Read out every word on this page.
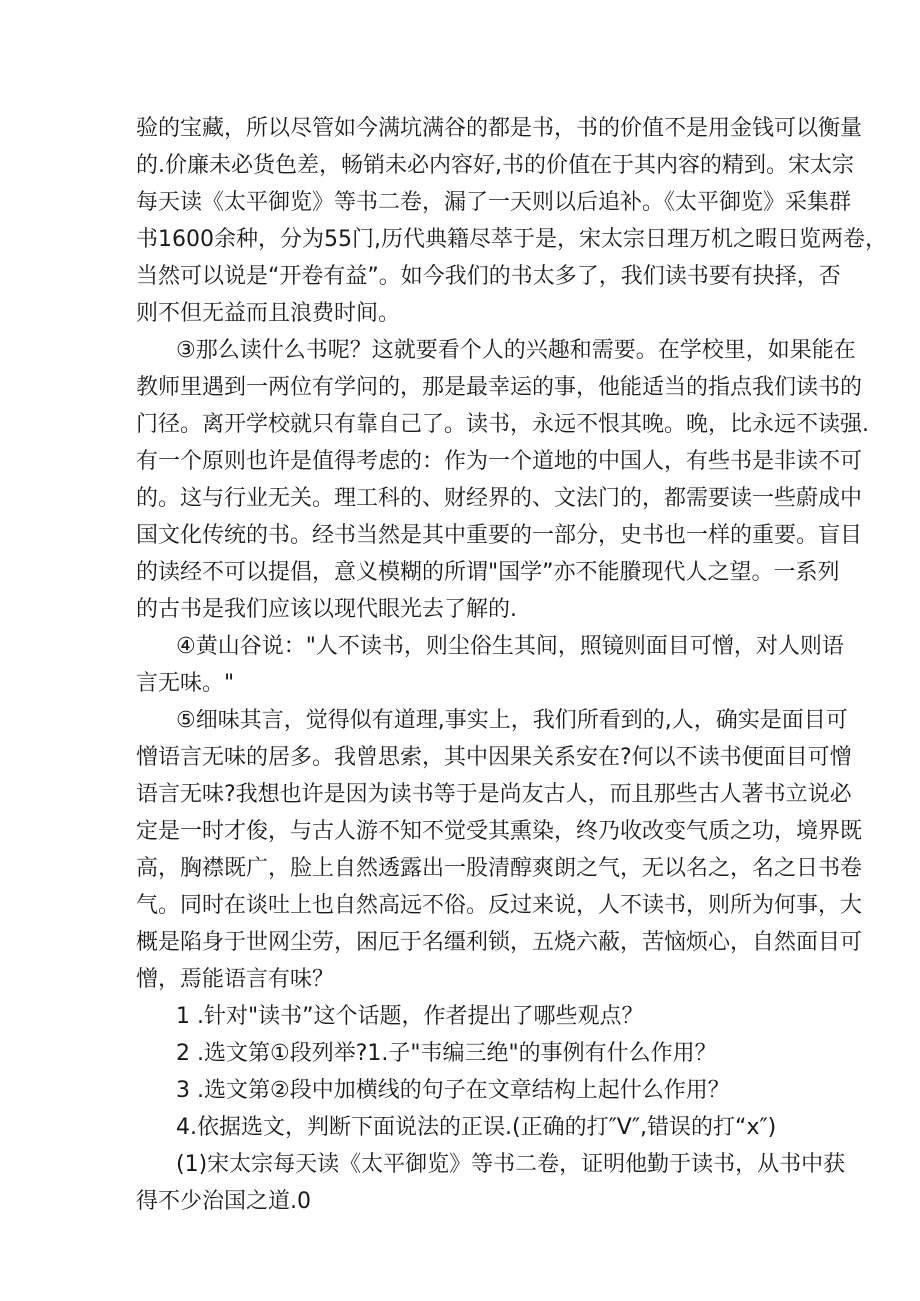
验的宝藏，所以尽管如今满坑满谷的都是书，书的价值不是用金钱可以衡量
的.价廉未必货色差，畅销未必内容好,书的价值在于其内容的精到。宋太宗
每天读《太平御览》等书二卷，漏了一天则以后追补。《太平御览》采集群
书1600余种，分为55门,历代典籍尽萃于是，宋太宗日理万机之暇日览两卷，
当然可以说是“开卷有益”。如今我们的书太多了，我们读书要有抉择，否
则不但无益而且浪费时间。
③那么读什么书呢？这就要看个人的兴趣和需要。在学校里，如果能在
教师里遇到一两位有学问的，那是最幸运的事，他能适当的指点我们读书的
门径。离开学校就只有靠自己了。读书，永远不恨其晚。晚，比永远不读强.
有一个原则也许是值得考虑的：作为一个道地的中国人，有些书是非读不可
的。这与行业无关。理工科的、财经界的、文法门的，都需要读一些蔚成中
国文化传统的书。经书当然是其中重要的一部分，史书也一样的重要。盲目
的读经不可以提倡，意义模糊的所谓"国学”亦不能賸现代人之望。一系列
的古书是我们应该以现代眼光去了解的.
④黄山谷说："人不读书，则尘俗生其间，照镜则面目可憎，对人则语
言无味。"
⑤细味其言，觉得似有道理,事实上，我们所看到的,人，确实是面目可
憎语言无味的居多。我曾思索，其中因果关系安在?何以不读书便面目可憎
语言无味?我想也许是因为读书等于是尚友古人，而且那些古人著书立说必
定是一时才俊，与古人游不知不觉受其熏染，终乃收改变气质之功，境界既
高，胸襟既广，脸上自然透露出一股清醇爽朗之气，无以名之，名之日书卷
气。同时在谈吐上也自然高远不俗。反过来说，人不读书，则所为何事，大
概是陷身于世网尘劳，困厄于名缰利锁，五烧六蔽，苦恼烦心，自然面目可
憎，焉能语言有味？
1 .针对"读书”这个话题，作者提出了哪些观点？
2 .选文第①段列举?1.子"韦编三绝"的事例有什么作用？
3 .选文第②段中加横线的句子在文章结构上起什么作用？
4.依据选文，判断下面说法的正误.(正确的打″V″,错误的打“x″)
(1)宋太宗每天读《太平御览》等书二卷，证明他勤于读书，从书中获
得不少治国之道.0
